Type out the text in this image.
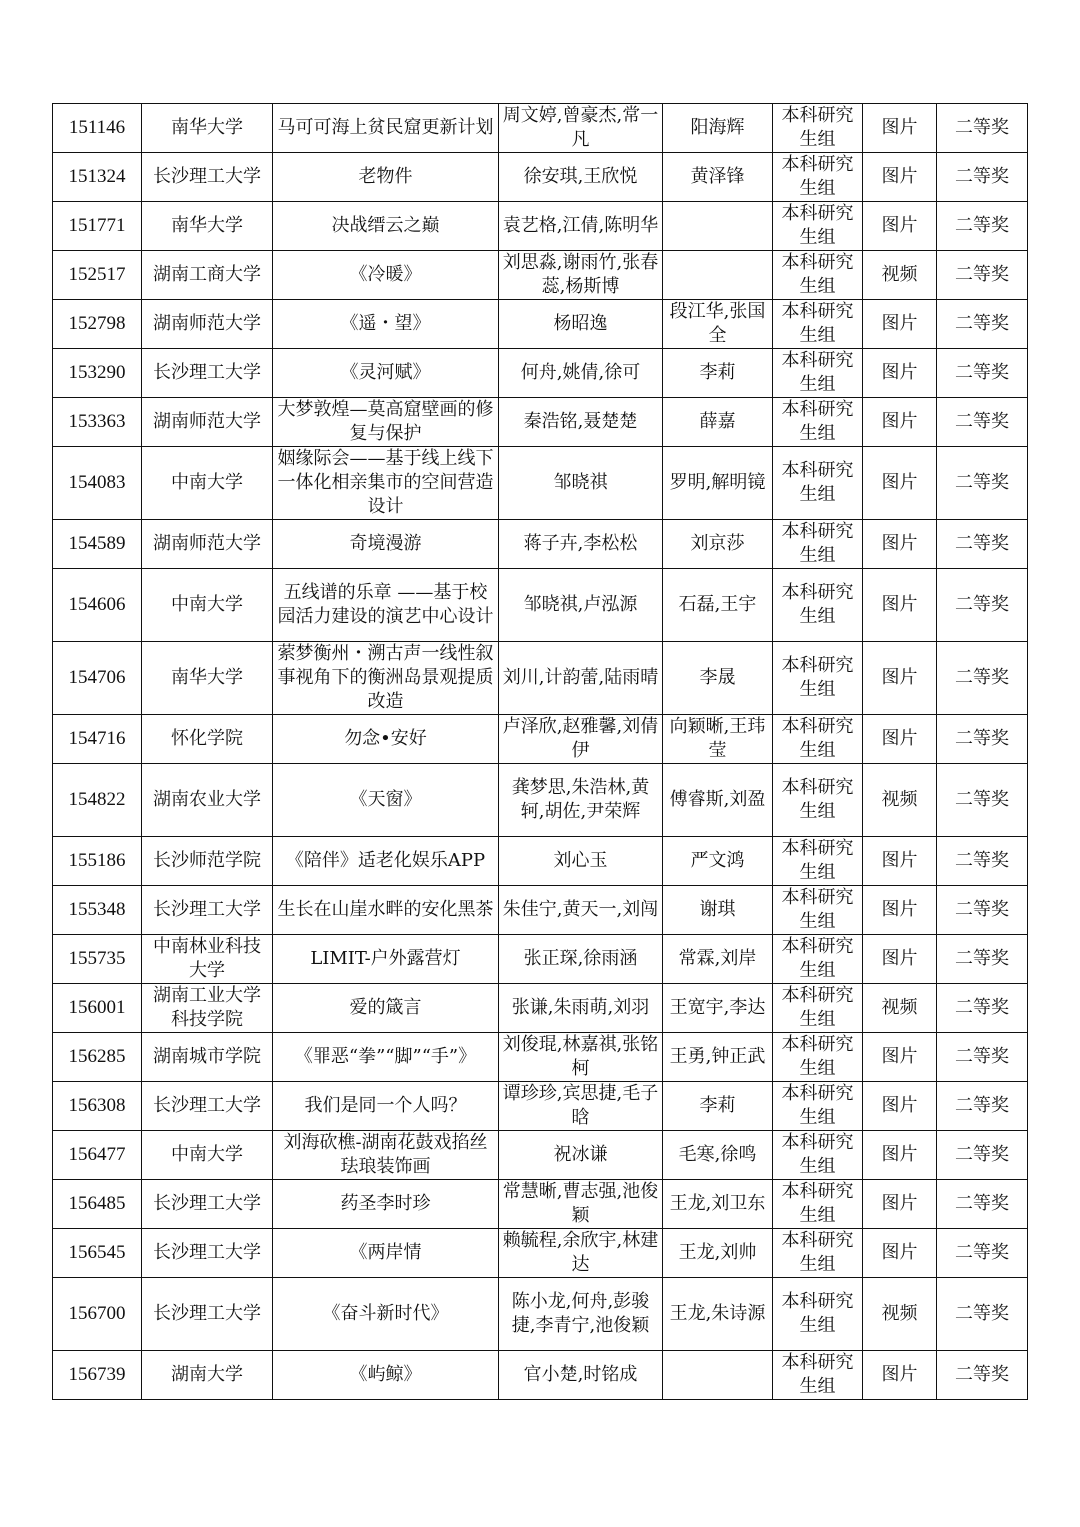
151146	南华大学	马可可海上贫民窟更新计划	周文婷,曾豪杰,常一凡	阳海辉	本科研究生组	图片	二等奖
151324	长沙理工大学	老物件	徐安琪,王欣悦	黄泽锋	本科研究生组	图片	二等奖
151771	南华大学	决战缙云之巅	袁艺格,江倩,陈明华		本科研究生组	图片	二等奖
152517	湖南工商大学	《冷暖》	刘思淼,谢雨竹,张春蕊,杨斯博		本科研究生组	视频	二等奖
152798	湖南师范大学	《遥・望》	杨昭逸	段江华,张国全	本科研究生组	图片	二等奖
153290	长沙理工大学	《灵河赋》	何舟,姚倩,徐可	李莉	本科研究生组	图片	二等奖
153363	湖南师范大学	大梦敦煌—莫高窟壁画的修复与保护	秦浩铭,聂楚楚	薛嘉	本科研究生组	图片	二等奖
154083	中南大学	姻缘际会——基于线上线下一体化相亲集市的空间营造设计	邹晓祺	罗明,解明镜	本科研究生组	图片	二等奖
154589	湖南师范大学	奇境漫游	蒋子卉,李松松	刘京莎	本科研究生组	图片	二等奖
154606	中南大学	五线谱的乐章 ——基于校园活力建设的演艺中心设计	邹晓祺,卢泓源	石磊,王宇	本科研究生组	图片	二等奖
154706	南华大学	萦梦衡州・溯古声一线性叙事视角下的衡洲岛景观提质改造	刘川,计韵蕾,陆雨晴	李晟	本科研究生组	图片	二等奖
154716	怀化学院	勿念•安好	卢泽欣,赵雅馨,刘倩伊	向颖晰,王玮莹	本科研究生组	图片	二等奖
154822	湖南农业大学	《天窗》	龚梦思,朱浩林,黄轲,胡佐,尹荣辉	傅睿斯,刘盈	本科研究生组	视频	二等奖
155186	长沙师范学院	《陪伴》适老化娱乐APP	刘心玉	严文鸿	本科研究生组	图片	二等奖
155348	长沙理工大学	生长在山崖水畔的安化黑茶	朱佳宁,黄天一,刘闯	谢琪	本科研究生组	图片	二等奖
155735	中南林业科技大学	LIMIT-户外露营灯	张正琛,徐雨涵	常霖,刘岸	本科研究生组	图片	二等奖
156001	湖南工业大学科技学院	爱的箴言	张谦,朱雨萌,刘羽	王宽宇,李达	本科研究生组	视频	二等奖
156285	湖南城市学院	《罪恶“拳”“脚”“手”》	刘俊琨,林嘉祺,张铭柯	王勇,钟正武	本科研究生组	图片	二等奖
156308	长沙理工大学	我们是同一个人吗？	谭珍珍,宾思捷,毛子晗	李莉	本科研究生组	图片	二等奖
156477	中南大学	刘海砍樵-湖南花鼓戏掐丝珐琅装饰画	祝冰谦	毛寒,徐鸣	本科研究生组	图片	二等奖
156485	长沙理工大学	药圣李时珍	常慧晰,曹志强,池俊颖	王龙,刘卫东	本科研究生组	图片	二等奖
156545	长沙理工大学	《两岸情	赖毓程,余欣宇,林建达	王龙,刘帅	本科研究生组	图片	二等奖
156700	长沙理工大学	《奋斗新时代》	陈小龙,何舟,彭骏捷,李青宁,池俊颖	王龙,朱诗源	本科研究生组	视频	二等奖
156739	湖南大学	《屿鲸》	官小楚,时铭成		本科研究生组	图片	二等奖
